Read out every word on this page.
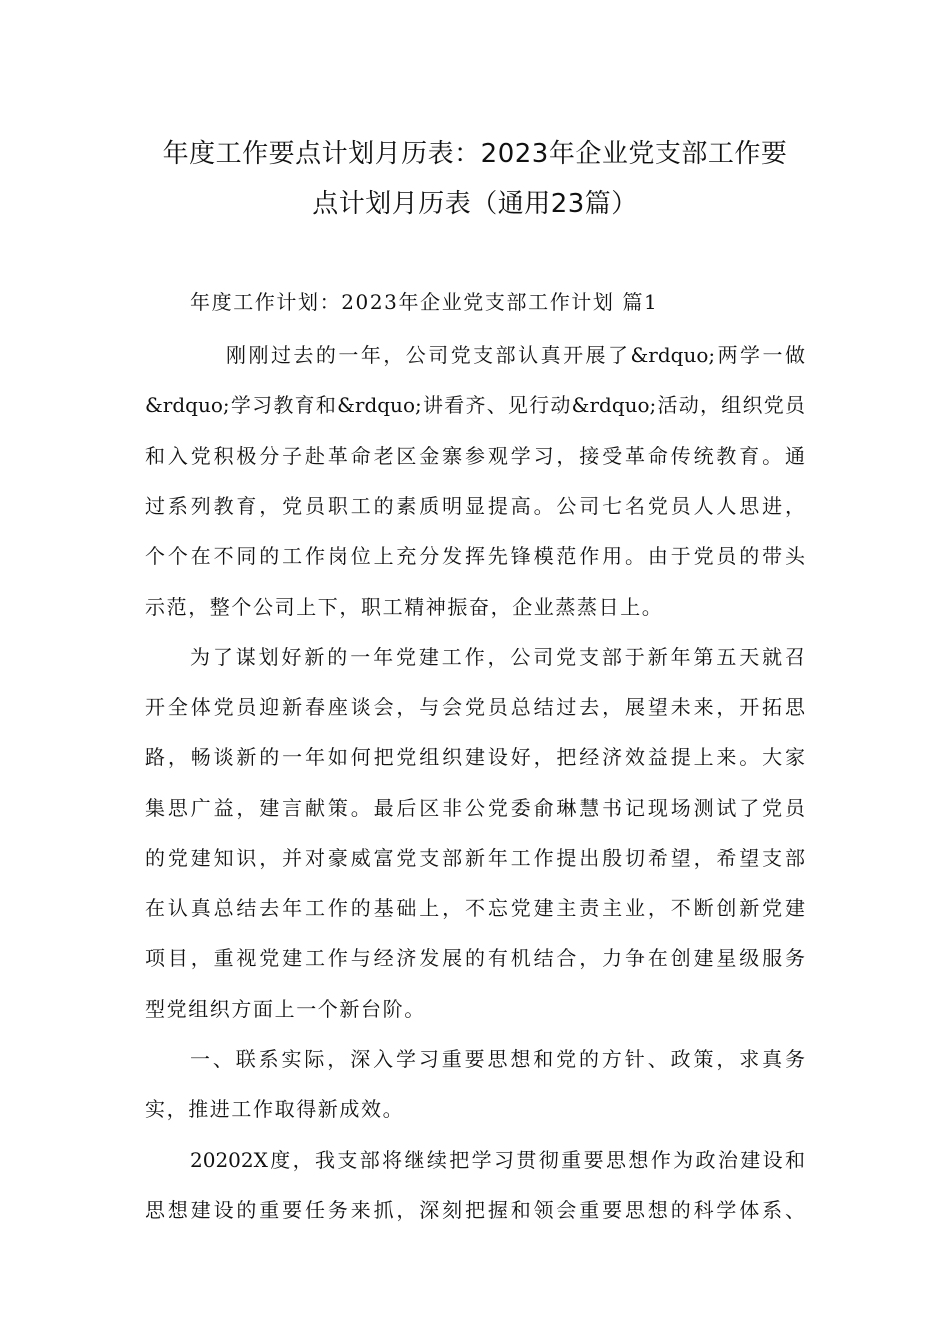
年度工作要点计划月历表：2023年企业党支部工作要
点计划月历表（通用23篇）

年度工作计划：2023年企业党支部工作计划 篇1

刚刚过去的一年，公司党支部认真开展了&rdquo;两学一做

&rdquo;学习教育和&rdquo;讲看齐、见行动&rdquo;活动，组织党员

和入党积极分子赴革命老区金寨参观学习，接受革命传统教育。通

过系列教育，党员职工的素质明显提高。公司七名党员人人思进，

个个在不同的工作岗位上充分发挥先锋模范作用。由于党员的带头

示范，整个公司上下，职工精神振奋，企业蒸蒸日上。

为了谋划好新的一年党建工作，公司党支部于新年第五天就召

开全体党员迎新春座谈会，与会党员总结过去，展望未来，开拓思

路，畅谈新的一年如何把党组织建设好，把经济效益提上来。大家

集思广益，建言献策。最后区非公党委俞琳慧书记现场测试了党员

的党建知识，并对豪威富党支部新年工作提出殷切希望，希望支部

在认真总结去年工作的基础上，不忘党建主责主业，不断创新党建

项目，重视党建工作与经济发展的有机结合，力争在创建星级服务

型党组织方面上一个新台阶。

一、联系实际，深入学习重要思想和党的方针、政策，求真务

实，推进工作取得新成效。

20202X度，我支部将继续把学习贯彻重要思想作为政治建设和

思想建设的重要任务来抓，深刻把握和领会重要思想的科学体系、
